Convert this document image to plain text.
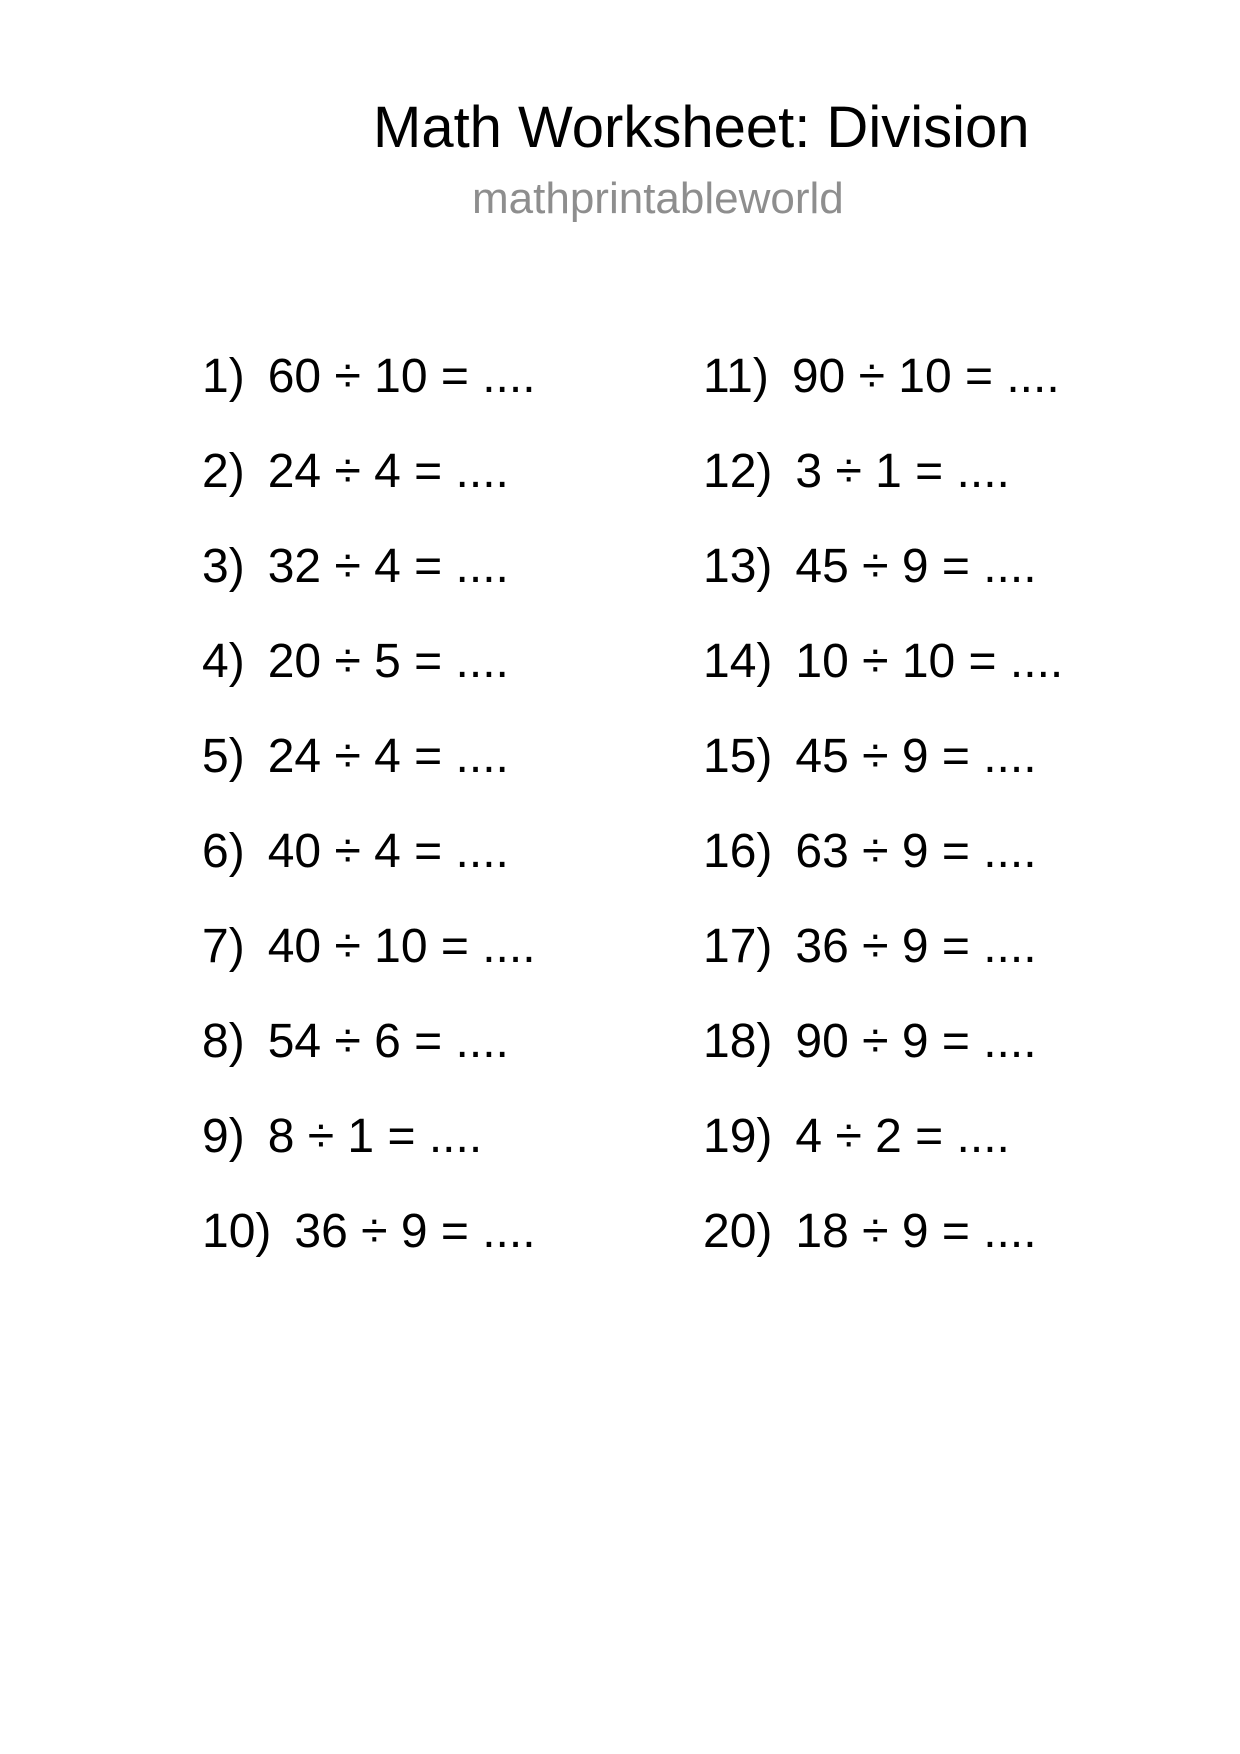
Math Worksheet: Division
mathprintableworld
1) 60 ÷ 10 = ....
2) 24 ÷ 4 = ....
3) 32 ÷ 4 = ....
4) 20 ÷ 5 = ....
5) 24 ÷ 4 = ....
6) 40 ÷ 4 = ....
7) 40 ÷ 10 = ....
8) 54 ÷ 6 = ....
9) 8 ÷ 1 = ....
10) 36 ÷ 9 = ....
11) 90 ÷ 10 = ....
12) 3 ÷ 1 = ....
13) 45 ÷ 9 = ....
14) 10 ÷ 10 = ....
15) 45 ÷ 9 = ....
16) 63 ÷ 9 = ....
17) 36 ÷ 9 = ....
18) 90 ÷ 9 = ....
19) 4 ÷ 2 = ....
20) 18 ÷ 9 = ....
